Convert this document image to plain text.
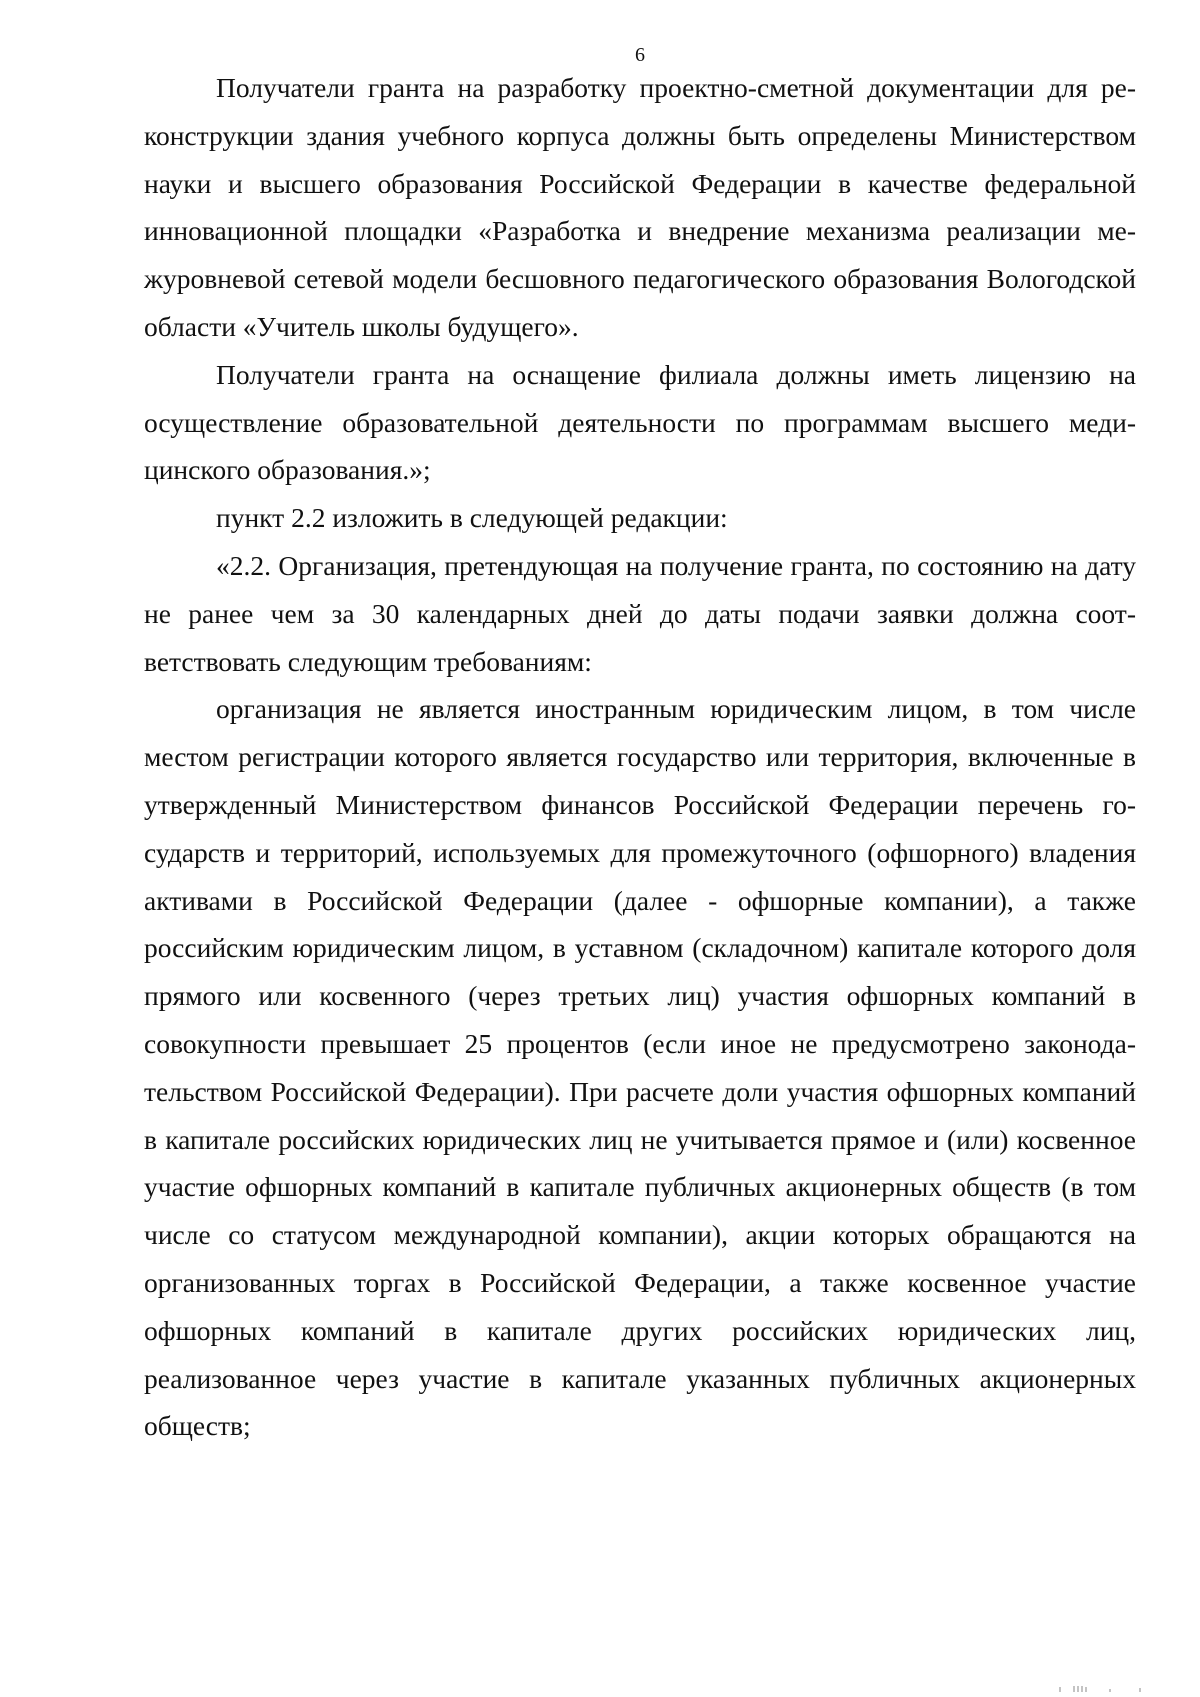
6

Получатели гранта на разработку проектно-сметной документации для реконструкции здания учебного корпуса должны быть определены Министерством науки и высшего образования Российской Федерации в качестве федеральной инновационной площадки «Разработка и внедрение механизма реализации межуровневой сетевой модели бесшовного педагогического образования Вологодской области «Учитель школы будущего».

Получатели гранта на оснащение филиала должны иметь лицензию на осуществление образовательной деятельности по программам высшего медицинского образования.»;

пункт 2.2 изложить в следующей редакции:

«2.2. Организация, претендующая на получение гранта, по состоянию на дату не ранее чем за 30 календарных дней до даты подачи заявки должна соответствовать следующим требованиям:

организация не является иностранным юридическим лицом, в том числе местом регистрации которого является государство или территория, включенные в утвержденный Министерством финансов Российской Федерации перечень государств и территорий, используемых для промежуточного (офшорного) владения активами в Российской Федерации (далее - офшорные компании), а также российским юридическим лицом, в уставном (складочном) капитале которого доля прямого или косвенного (через третьих лиц) участия офшорных компаний в совокупности превышает 25 процентов (если иное не предусмотрено законодательством Российской Федерации). При расчете доли участия офшорных компаний в капитале российских юридических лиц не учитывается прямое и (или) косвенное участие офшорных компаний в капитале публичных акционерных обществ (в том числе со статусом международной компании), акции которых обращаются на организованных торгах в Российской Федерации, а также косвенное участие офшорных компаний в капитале других российских юридических лиц, реализованное через участие в капитале указанных публичных акционерных обществ;
